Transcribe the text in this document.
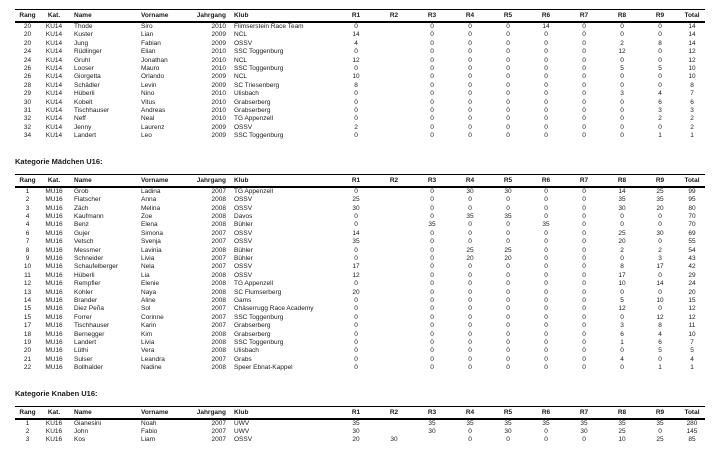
Rang	Kat.	Name	Vorname	Jahrgang	Klub	R1	R2	R3	R4	R5	R6	R7	R8	R9	Total
20	KU14	Thode	Siro	2010	Flimserstein Race Team	0		0	0	0	14	0	0	0	14
20	KU14	Kuster	Lian	2009	NCL	14		0	0	0	0	0	0	0	14
20	KU14	Jung	Fabian	2009	OSSV	4		0	0	0	0	0	2	8	14
24	KU14	Rüdlinger	Elian	2010	SSC Toggenburg	0		0	0	0	0	0	12	0	12
24	KU14	Gruhl	Jonathan	2010	NCL	12		0	0	0	0	0	0	0	12
26	KU14	Looser	Mauro	2010	SSC Toggenburg	0		0	0	0	0	0	5	5	10
26	KU14	Giorgetta	Orlando	2009	NCL	10		0	0	0	0	0	0	0	10
28	KU14	Schädler	Levin	2009	SC Triesenberg	8		0	0	0	0	0	0	0	8
29	KU14	Hüberli	Nino	2010	Ulisbach	0		0	0	0	0	0	3	4	7
30	KU14	Kobelt	Vitus	2010	Grabserberg	0		0	0	0	0	0	0	6	6
31	KU14	Tischhauser	Andreas	2010	Grabserberg	0		0	0	0	0	0	0	3	3
32	KU14	Neff	Neal	2010	TG Appenzell	0		0	0	0	0	0	0	2	2
32	KU14	Jenny	Laurenz	2009	OSSV	2		0	0	0	0	0	0	0	2
34	KU14	Landert	Leo	2009	SSC Toggenburg	0		0	0	0	0	0	0	1	1
Kategorie Mädchen U16:
Rang	Kat.	Name	Vorname	Jahrgang	Klub	R1	R2	R3	R4	R5	R6	R7	R8	R9	Total
1	MU16	Grob	Ladina	2007	TG Appenzell	0		0	30	30	0	0	14	25	99
2	MU16	Flatscher	Anna	2008	OSSV	25		0	0	0	0	0	35	35	95
3	MU16	Zäch	Melina	2008	OSSV	30		0	0	0	0	0	30	20	80
4	MU16	Kaufmann	Zoe	2008	Davos	0		0	35	35	0	0	0	0	70
4	MU16	Benz	Elena	2008	Bühler	0		35	0	0	35	0	0	0	70
6	MU16	Gujer	Simona	2007	OSSV	14		0	0	0	0	0	25	30	69
7	MU16	Vetsch	Svenja	2007	OSSV	35		0	0	0	0	0	20	0	55
8	MU16	Messmer	Lavinia	2008	Bühler	0		0	25	25	0	0	2	2	54
9	MU16	Schneider	Livia	2007	Bühler	0		0	20	20	0	0	0	3	43
10	MU16	Schaufelberger	Nela	2007	OSSV	17		0	0	0	0	0	8	17	42
11	MU16	Hüberli	Lia	2008	OSSV	12		0	0	0	0	0	17	0	29
12	MU16	Rempfler	Elenie	2008	TG Appenzell	0		0	0	0	0	0	10	14	24
13	MU16	Kohler	Naya	2008	SC Flumserberg	20		0	0	0	0	0	0	0	20
14	MU16	Brander	Aline	2008	Gams	0		0	0	0	0	0	5	10	15
15	MU16	Diez Peña	Sol	2007	Chäserrugg Race Academy	0		0	0	0	0	0	12	0	12
15	MU16	Forrer	Corinne	2007	SSC Toggenburg	0		0	0	0	0	0	0	12	12
17	MU16	Tischhauser	Karin	2007	Grabserberg	0		0	0	0	0	0	3	8	11
18	MU16	Bernegger	Kim	2008	Grabserberg	0		0	0	0	0	0	6	4	10
19	MU16	Landert	Livia	2008	SSC Toggenburg	0		0	0	0	0	0	1	6	7
20	MU16	Lüthi	Vera	2008	Ulisbach	0		0	0	0	0	0	0	5	5
21	MU16	Sulser	Leandra	2007	Grabs	0		0	0	0	0	0	4	0	4
22	MU16	Bollhalder	Nadine	2008	Speer Ebnat-Kappel	0		0	0	0	0	0	0	1	1
Kategorie Knaben U16:
Rang	Kat.	Name	Vorname	Jahrgang	Klub	R1	R2	R3	R4	R5	R6	R7	R8	R9	Total
1	KU16	Gianesini	Noah	2007	UWV	35		35	35	35	35	35	35	35	280
2	KU16	John	Fabio	2007	UWV	30		30	0	30	0	30	25	0	145
3	KU16	Kos	Liam	2007	OSSV	20	30		0	0	0	0	10	25	85
